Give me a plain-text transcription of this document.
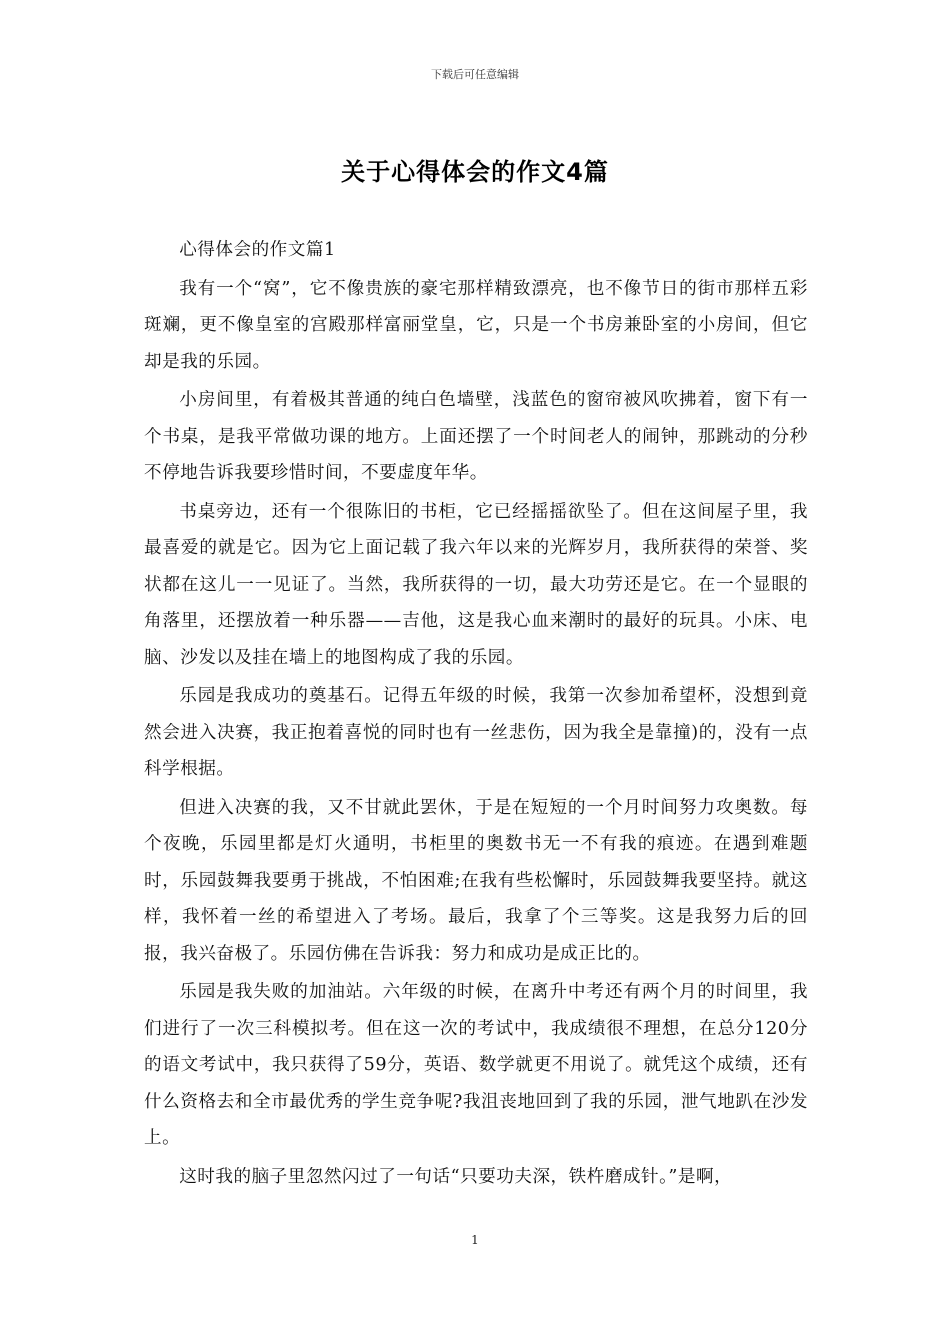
下载后可任意编辑
关于心得体会的作文4篇

心得体会的作文篇1

我有一个“窝”，它不像贵族的豪宅那样精致漂亮，也不像节日的街市那样五彩斑斓，更不像皇室的宫殿那样富丽堂皇，它，只是一个书房兼卧室的小房间，但它却是我的乐园。

小房间里，有着极其普通的纯白色墙壁，浅蓝色的窗帘被风吹拂着，窗下有一个书桌，是我平常做功课的地方。上面还摆了一个时间老人的闹钟，那跳动的分秒不停地告诉我要珍惜时间，不要虚度年华。

书桌旁边，还有一个很陈旧的书柜，它已经摇摇欲坠了。但在这间屋子里，我最喜爱的就是它。因为它上面记载了我六年以来的光辉岁月，我所获得的荣誉、奖状都在这儿一一见证了。当然，我所获得的一切，最大功劳还是它。在一个显眼的角落里，还摆放着一种乐器——吉他，这是我心血来潮时的最好的玩具。小床、电脑、沙发以及挂在墙上的地图构成了我的乐园。

乐园是我成功的奠基石。记得五年级的时候，我第一次参加希望杯，没想到竟然会进入决赛，我正抱着喜悦的同时也有一丝悲伤，因为我全是靠撞)的，没有一点科学根据。

但进入决赛的我，又不甘就此罢休，于是在短短的一个月时间努力攻奥数。每个夜晚，乐园里都是灯火通明，书柜里的奥数书无一不有我的痕迹。在遇到难题时，乐园鼓舞我要勇于挑战，不怕困难;在我有些松懈时，乐园鼓舞我要坚持。就这样，我怀着一丝的希望进入了考场。最后，我拿了个三等奖。这是我努力后的回报，我兴奋极了。乐园仿佛在告诉我：努力和成功是成正比的。

乐园是我失败的加油站。六年级的时候，在离升中考还有两个月的时间里，我们进行了一次三科模拟考。但在这一次的考试中，我成绩很不理想，在总分120分的语文考试中，我只获得了59分，英语、数学就更不用说了。就凭这个成绩，还有什么资格去和全市最优秀的学生竞争呢?我沮丧地回到了我的乐园，泄气地趴在沙发上。

这时我的脑子里忽然闪过了一句话“只要功夫深，铁杵磨成针。”是啊，

1
